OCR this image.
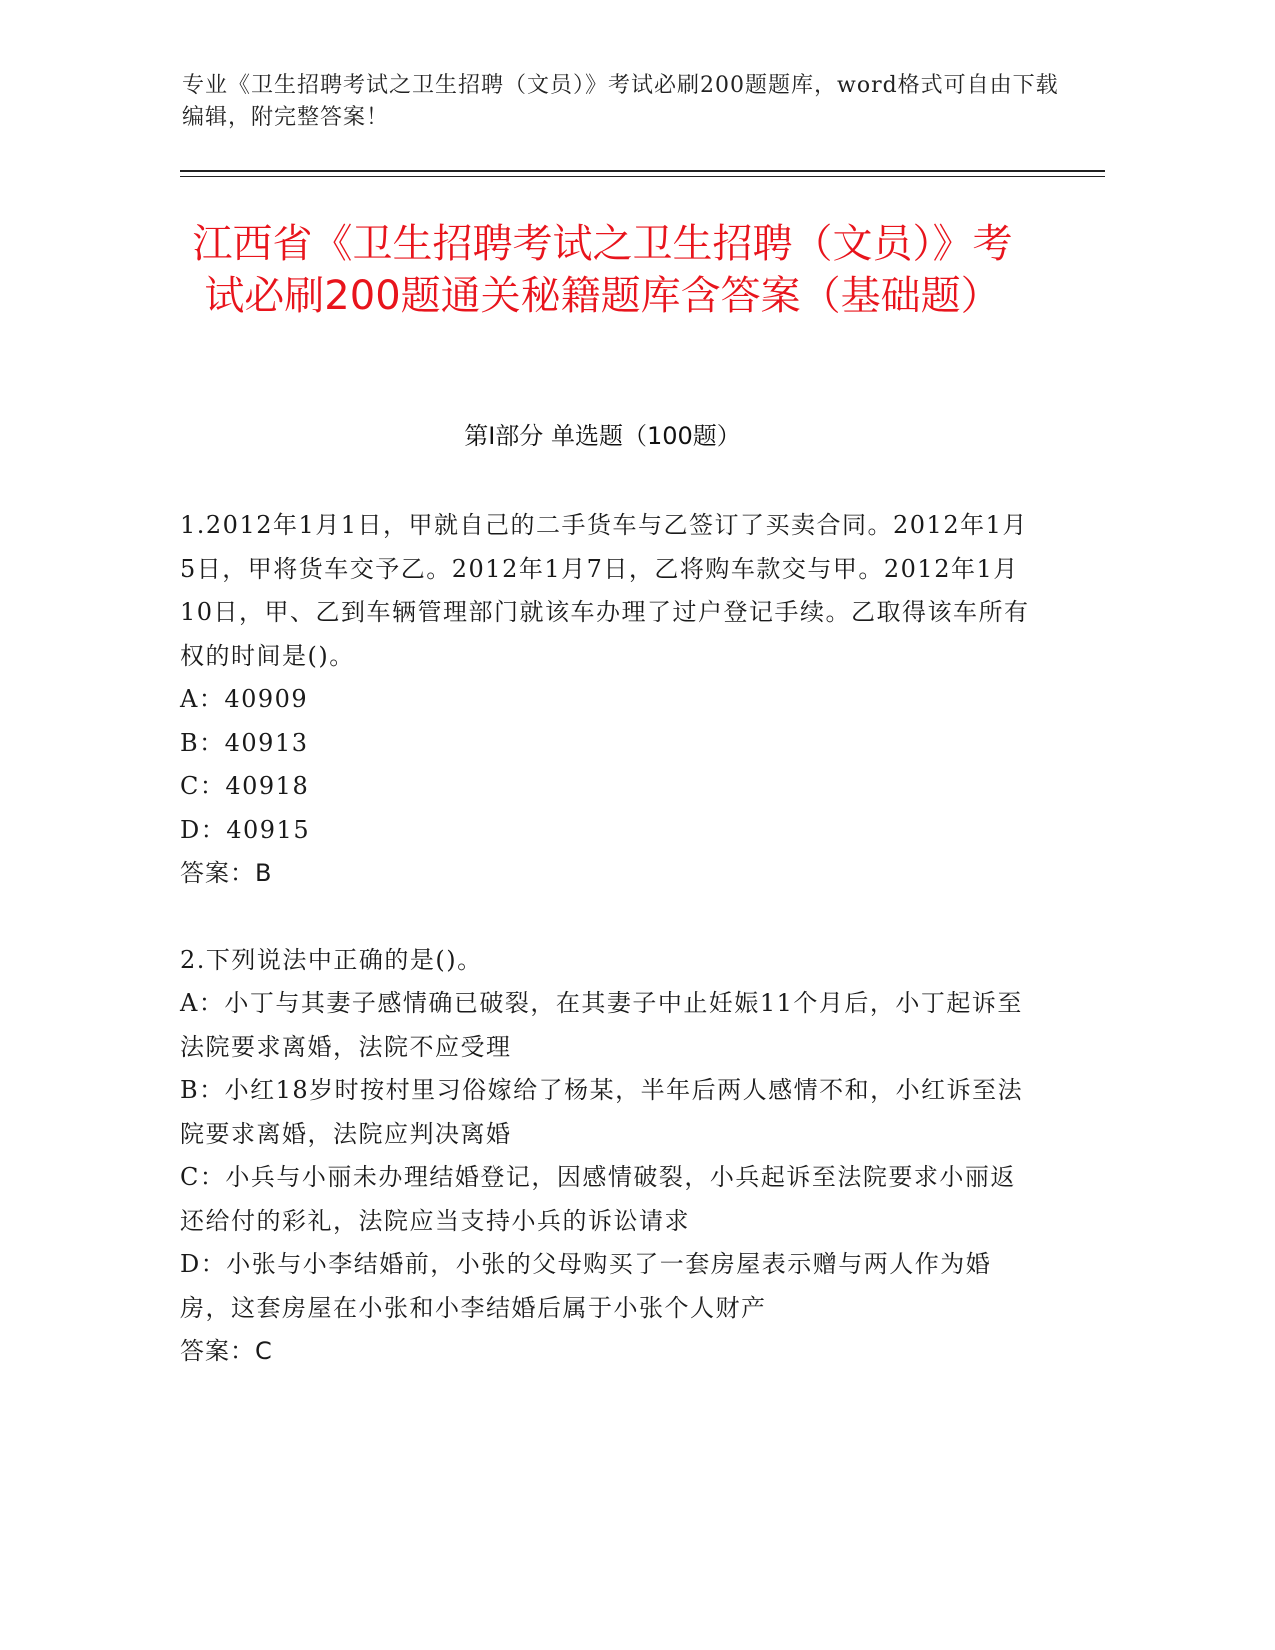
专业《卫生招聘考试之卫生招聘（文员）》考试必刷200题题库，word格式可自由下载编辑，附完整答案！
江西省《卫生招聘考试之卫生招聘（文员）》考试必刷200题通关秘籍题库含答案（基础题）
第Ⅰ部分 单选题（100题）
1.2012年1月1日，甲就自己的二手货车与乙签订了买卖合同。2012年1月5日，甲将货车交予乙。2012年1月7日，乙将购车款交与甲。2012年1月10日，甲、乙到车辆管理部门就该车办理了过户登记手续。乙取得该车所有权的时间是()。
A：40909
B：40913
C：40918
D：40915
答案：B
2.下列说法中正确的是()。
A：小丁与其妻子感情确已破裂，在其妻子中止妊娠11个月后，小丁起诉至法院要求离婚，法院不应受理
B：小红18岁时按村里习俗嫁给了杨某，半年后两人感情不和，小红诉至法院要求离婚，法院应判决离婚
C：小兵与小丽未办理结婚登记，因感情破裂，小兵起诉至法院要求小丽返还给付的彩礼，法院应当支持小兵的诉讼请求
D：小张与小李结婚前，小张的父母购买了一套房屋表示赠与两人作为婚房，这套房屋在小张和小李结婚后属于小张个人财产
答案：C
